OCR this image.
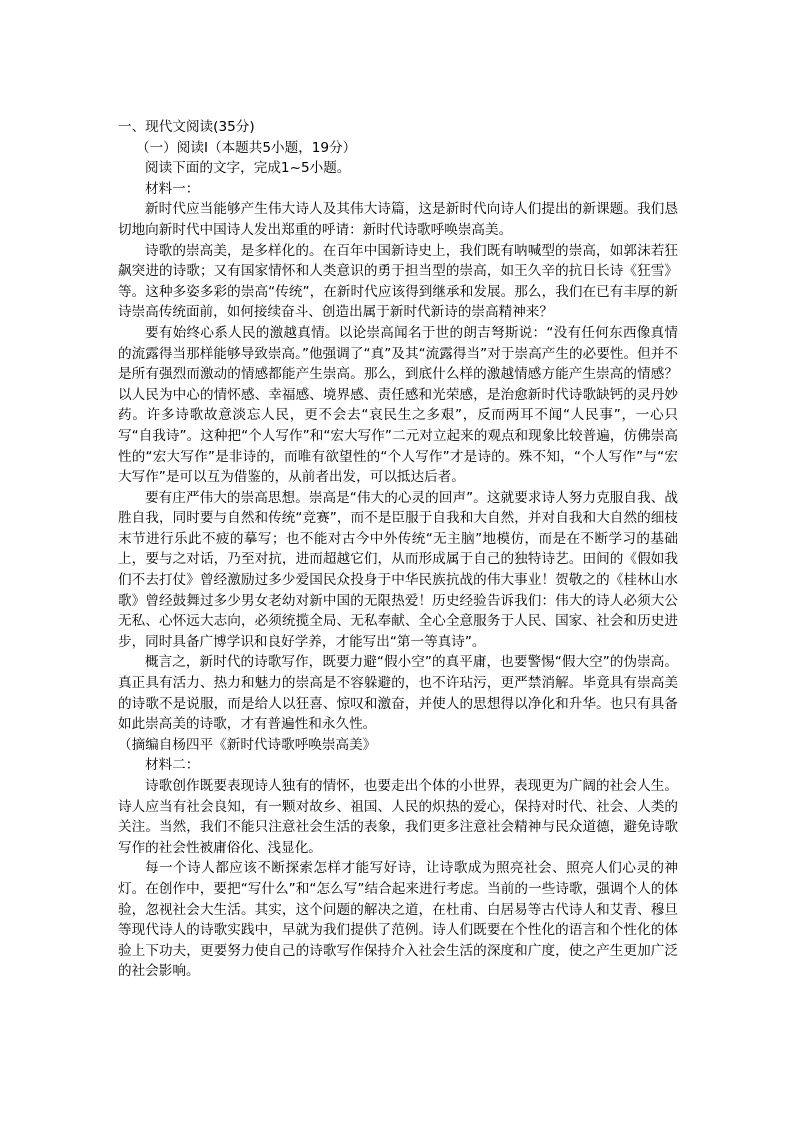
一、现代文阅读(35分)

（一）阅读Ⅰ（本题共5小题，19分）

阅读下面的文字，完成1~5小题。

材料一：

新时代应当能够产生伟大诗人及其伟大诗篇，这是新时代向诗人们提出的新课题。我们恳切地向新时代中国诗人发出郑重的呼请：新时代诗歌呼唤崇高美。

诗歌的崇高美，是多样化的。在百年中国新诗史上，我们既有呐喊型的崇高，如郭沫若狂飙突进的诗歌；又有国家情怀和人类意识的勇于担当型的崇高，如王久辛的抗日长诗《狂雪》等。这种多姿多彩的崇高“传统”，在新时代应该得到继承和发展。那么，我们在已有丰厚的新诗崇高传统面前，如何接续奋斗、创造出属于新时代新诗的崇高精神来？

要有始终心系人民的激越真情。以论崇高闻名于世的朗吉弩斯说：“没有任何东西像真情的流露得当那样能够导致崇高。”他强调了“真”及其“流露得当”对于崇高产生的必要性。但并不是所有强烈而激动的情感都能产生崇高。那么，到底什么样的激越情感方能产生崇高的情感？以人民为中心的情怀感、幸福感、境界感、责任感和光荣感，是治愈新时代诗歌缺钙的灵丹妙药。许多诗歌故意淡忘人民，更不会去“哀民生之多艰”，反而两耳不闻“人民事”，一心只写“自我诗”。这种把“个人写作”和“宏大写作”二元对立起来的观点和现象比较普遍，仿佛崇高性的“宏大写作”是非诗的，而唯有欲望性的“个人写作”才是诗的。殊不知，“个人写作”与“宏大写作”是可以互为借鉴的，从前者出发，可以抵达后者。

要有庄严伟大的崇高思想。崇高是“伟大的心灵的回声”。这就要求诗人努力克服自我、战胜自我，同时要与自然和传统“竞赛”，而不是臣服于自我和大自然，并对自我和大自然的细枝末节进行乐此不疲的摹写；也不能对古今中外传统“无主脑”地模仿，而是在不断学习的基础上，要与之对话，乃至对抗，进而超越它们，从而形成属于自己的独特诗艺。田间的《假如我们不去打仗》曾经激励过多少爱国民众投身于中华民族抗战的伟大事业！贺敬之的《桂林山水歌》曾经鼓舞过多少男女老幼对新中国的无限热爱！历史经验告诉我们：伟大的诗人必须大公无私、心怀远大志向，必须统揽全局、无私奉献、全心全意服务于人民、国家、社会和历史进步，同时具备广博学识和良好学养，才能写出“第一等真诗”。

概言之，新时代的诗歌写作，既要力避“假小空”的真平庸，也要警惕“假大空”的伪崇高。真正具有活力、热力和魅力的崇高是不容躲避的，也不许玷污，更严禁消解。毕竟具有崇高美的诗歌不是说服，而是给人以狂喜、惊叹和激奋，并使人的思想得以净化和升华。也只有具备如此崇高美的诗歌，才有普遍性和永久性。

（摘编自杨四平《新时代诗歌呼唤崇高美》

材料二：

诗歌创作既要表现诗人独有的情怀，也要走出个体的小世界，表现更为广阔的社会人生。诗人应当有社会良知，有一颗对故乡、祖国、人民的炽热的爱心，保持对时代、社会、人类的关注。当然，我们不能只注意社会生活的表象，我们更多注意社会精神与民众道德，避免诗歌写作的社会性被庸俗化、浅显化。

每一个诗人都应该不断探索怎样才能写好诗，让诗歌成为照亮社会、照亮人们心灵的神灯。在创作中，要把“写什么”和“怎么写”结合起来进行考虑。当前的一些诗歌，强调个人的体验，忽视社会大生活。其实，这个问题的解决之道，在杜甫、白居易等古代诗人和艾青、穆旦等现代诗人的诗歌实践中，早就为我们提供了范例。诗人们既要在个性化的语言和个性化的体验上下功夫，更要努力使自己的诗歌写作保持介入社会生活的深度和广度，使之产生更加广泛的社会影响。
